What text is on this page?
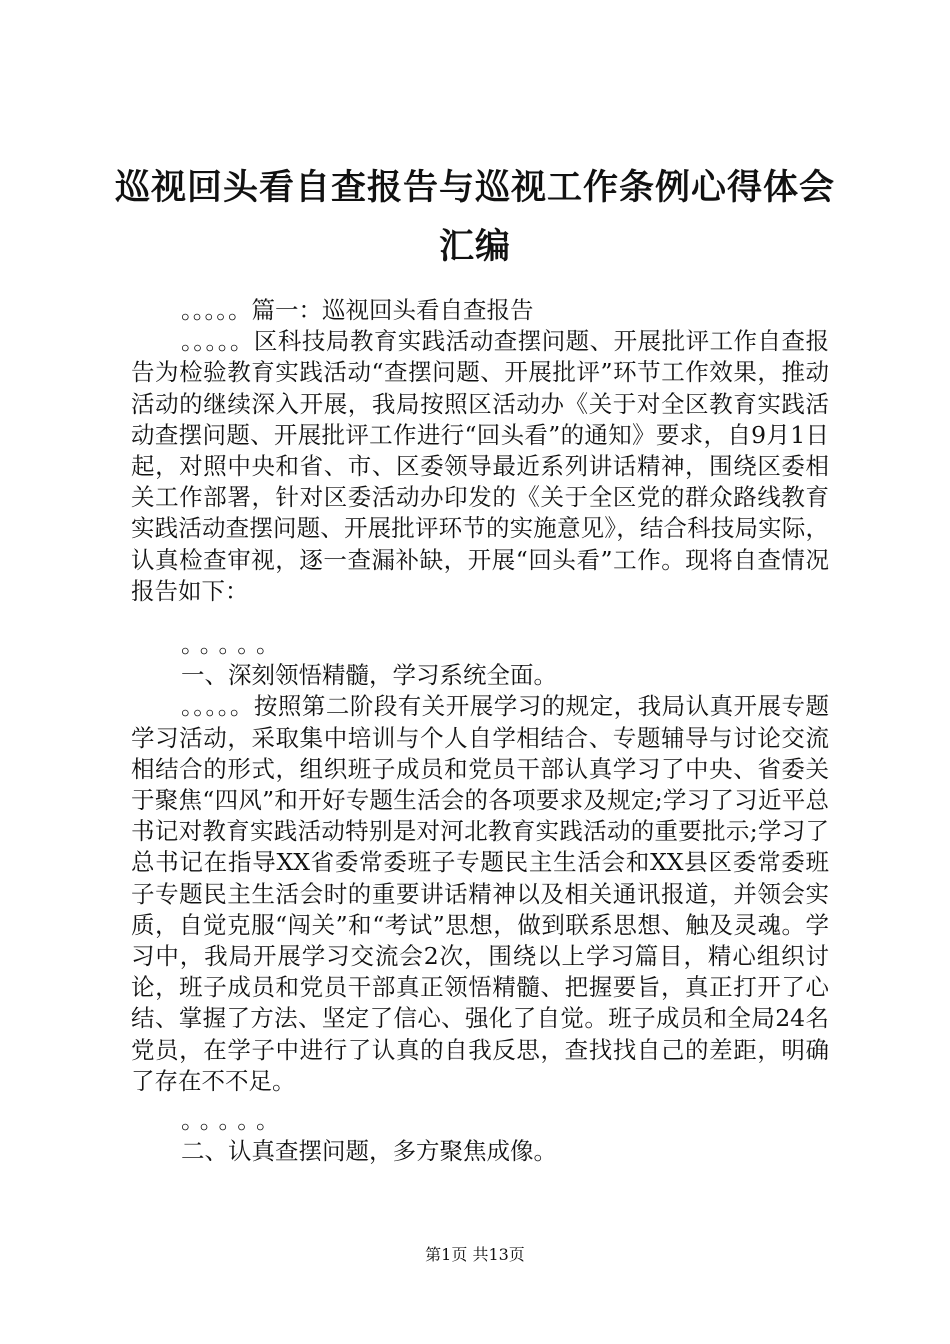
巡视回头看自查报告与巡视工作条例心得体会
汇编

。。。。。篇一：巡视回头看自查报告

。。。。。区科技局教育实践活动查摆问题、开展批评工作自查报告为检验教育实践活动“查摆问题、开展批评”环节工作效果，推动活动的继续深入开展，我局按照区活动办《关于对全区教育实践活动查摆问题、开展批评工作进行“回头看”的通知》要求，自9月1日起，对照中央和省、市、区委领导最近系列讲话精神，围绕区委相关工作部署，针对区委活动办印发的《关于全区党的群众路线教育实践活动查摆问题、开展批评环节的实施意见》，结合科技局实际，认真检查审视，逐一查漏补缺，开展“回头看”工作。现将自查情况报告如下：

。。。。。

一、深刻领悟精髓，学习系统全面。

。。。。。按照第二阶段有关开展学习的规定，我局认真开展专题学习活动，采取集中培训与个人自学相结合、专题辅导与讨论交流相结合的形式，组织班子成员和党员干部认真学习了中央、省委关于聚焦“四风”和开好专题生活会的各项要求及规定;学习了习近平总书记对教育实践活动特别是对河北教育实践活动的重要批示;学习了总书记在指导XX省委常委班子专题民主生活会和XX县区委常委班子专题民主生活会时的重要讲话精神以及相关通讯报道，并领会实质，自觉克服“闯关”和“考试”思想，做到联系思想、触及灵魂。学习中，我局开展学习交流会2次，围绕以上学习篇目，精心组织讨论，班子成员和党员干部真正领悟精髓、把握要旨，真正打开了心结、掌握了方法、坚定了信心、强化了自觉。班子成员和全局24名党员，在学子中进行了认真的自我反思，查找找自己的差距，明确了存在不不足。

。。。。。

二、认真查摆问题，多方聚焦成像。

第1页 共13页
